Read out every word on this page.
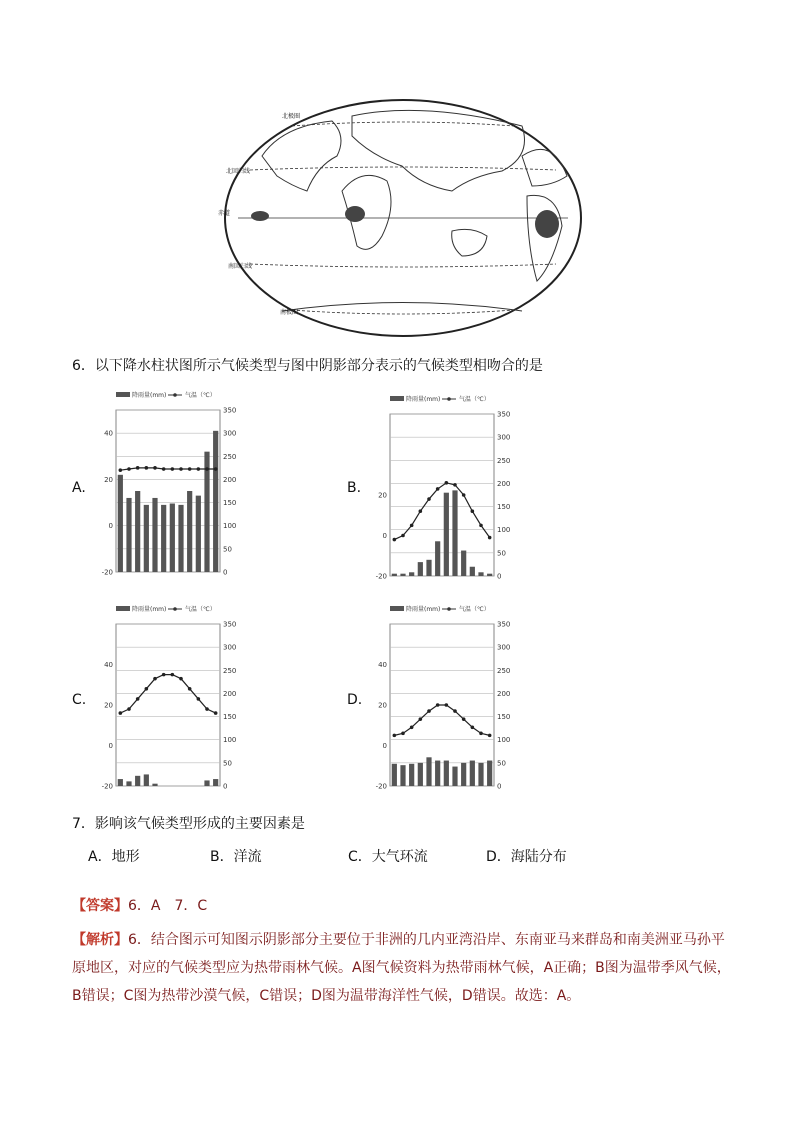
北回归线
赤道
南回归线
南极圈
北极圈
6．以下降水柱状图所示气候类型与图中阴影部分表示的气候类型相吻合的是
A.	B.
C.	D.
降雨量(mm)	气温（℃）
350
300
250
200
150
100
50
0
40
20
0
-20
降雨量(mm)	气温（℃）
350
300
250
200
150
100
50
0
20
0
-20
降雨量(mm)	气温（℃）
350
300
250
200
150
100
50
0
40
20
0
-20
降雨量(mm)	气温（℃）
350
300
250
200
150
100
50
0
40
20
0
-20
7．影响该气候类型形成的主要因素是
A．地形	B．洋流	C．大气环流	D．海陆分布
【答案】6．A　7．C
【解析】6．结合图示可知图示阴影部分主要位于非洲的几内亚湾沿岸、东南亚马来群岛和南美洲亚马孙平
原地区，对应的气候类型应为热带雨林气候。A图气候资料为热带雨林气候，A正确；B图为温带季风气候，
B错误；C图为热带沙漠气候，C错误；D图为温带海洋性气候，D错误。故选：A。
